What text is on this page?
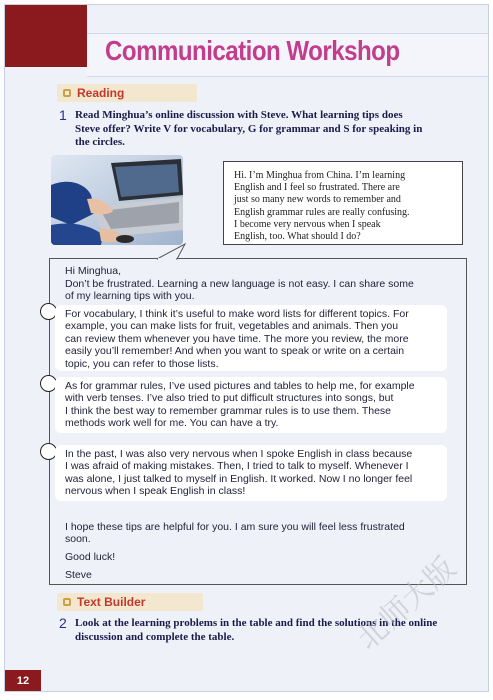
Communication Workshop
Reading
1 Read Minghua’s online discussion with Steve. What learning tips does
Steve offer? Write V for vocabulary, G for grammar and S for speaking in
the circles.
Hi. I’m Minghua from China. I’m learning
English and I feel so frustrated. There are
just so many new words to remember and
English grammar rules are really confusing.
I become very nervous when I speak
English, too. What should I do?
Hi Minghua,
Don’t be frustrated. Learning a new language is not easy. I can share some
of my learning tips with you.
For vocabulary, I think it’s useful to make word lists for different topics. For
example, you can make lists for fruit, vegetables and animals. Then you
can review them whenever you have time. The more you review, the more
easily you’ll remember! And when you want to speak or write on a certain
topic, you can refer to those lists.
As for grammar rules, I’ve used pictures and tables to help me, for example
with verb tenses. I’ve also tried to put difficult structures into songs, but
I think the best way to remember grammar rules is to use them. These
methods work well for me. You can have a try.
In the past, I was also very nervous when I spoke English in class because
I was afraid of making mistakes. Then, I tried to talk to myself. Whenever I
was alone, I just talked to myself in English. It worked. Now I no longer feel
nervous when I speak English in class!
I hope these tips are helpful for you. I am sure you will feel less frustrated
soon.
Good luck!
Steve
Text Builder
2 Look at the learning problems in the table and find the solutions in the online
discussion and complete the table.
12
北师大版
